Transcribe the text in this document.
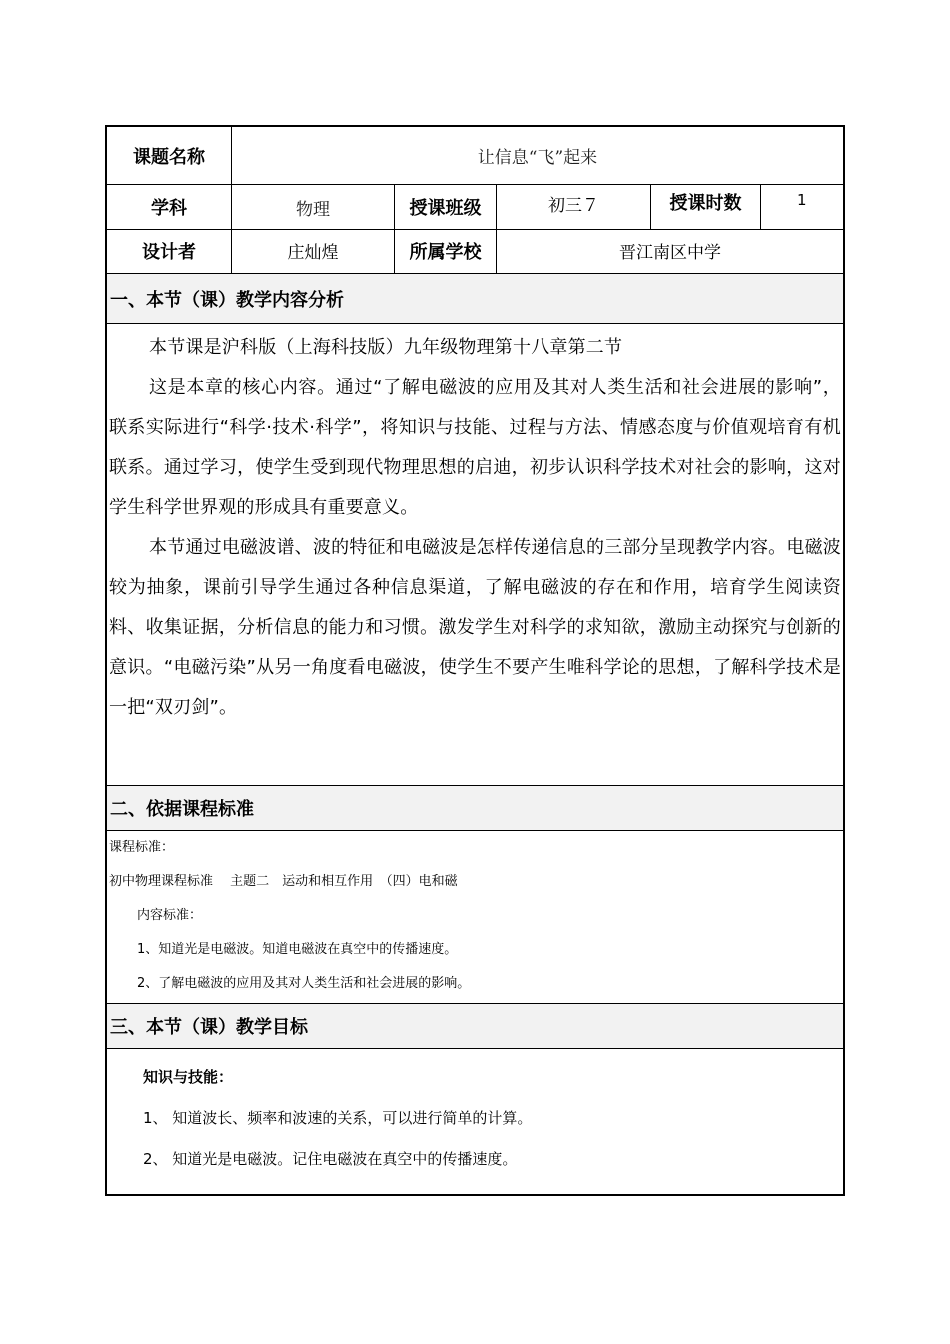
课题名称	让信息“飞”起来
学科	物理	授课班级	初三７	授课时数	1
设计者	庄灿煌	所属学校	晋江南区中学
一、本节（课）教学内容分析

本节课是沪科版（上海科技版）九年级物理第十八章第二节

这是本章的核心内容。通过“了解电磁波的应用及其对人类生活和社会进展的影响”，联系实际进行“科学·技术·科学”，将知识与技能、过程与方法、情感态度与价值观培育有机联系。通过学习，使学生受到现代物理思想的启迪，初步认识科学技术对社会的影响，这对学生科学世界观的形成具有重要意义。

本节通过电磁波谱、波的特征和电磁波是怎样传递信息的三部分呈现教学内容。电磁波较为抽象，课前引导学生通过各种信息渠道，了解电磁波的存在和作用，培育学生阅读资料、收集证据，分析信息的能力和习惯。激发学生对科学的求知欲，激励主动探究与创新的意识。“电磁污染”从另一角度看电磁波，使学生不要产生唯科学论的思想，了解科学技术是一把“双刃剑”。

二、依据课程标准
课程标准：
初中物理课程标准　 主题二　运动和相互作用　（四）电和磁
内容标准：
1、知道光是电磁波。知道电磁波在真空中的传播速度。
2、了解电磁波的应用及其对人类生活和社会进展的影响。
三、本节（课）教学目标
知识与技能：
1、 知道波长、频率和波速的关系，可以进行简单的计算。
2、 知道光是电磁波。记住电磁波在真空中的传播速度。
